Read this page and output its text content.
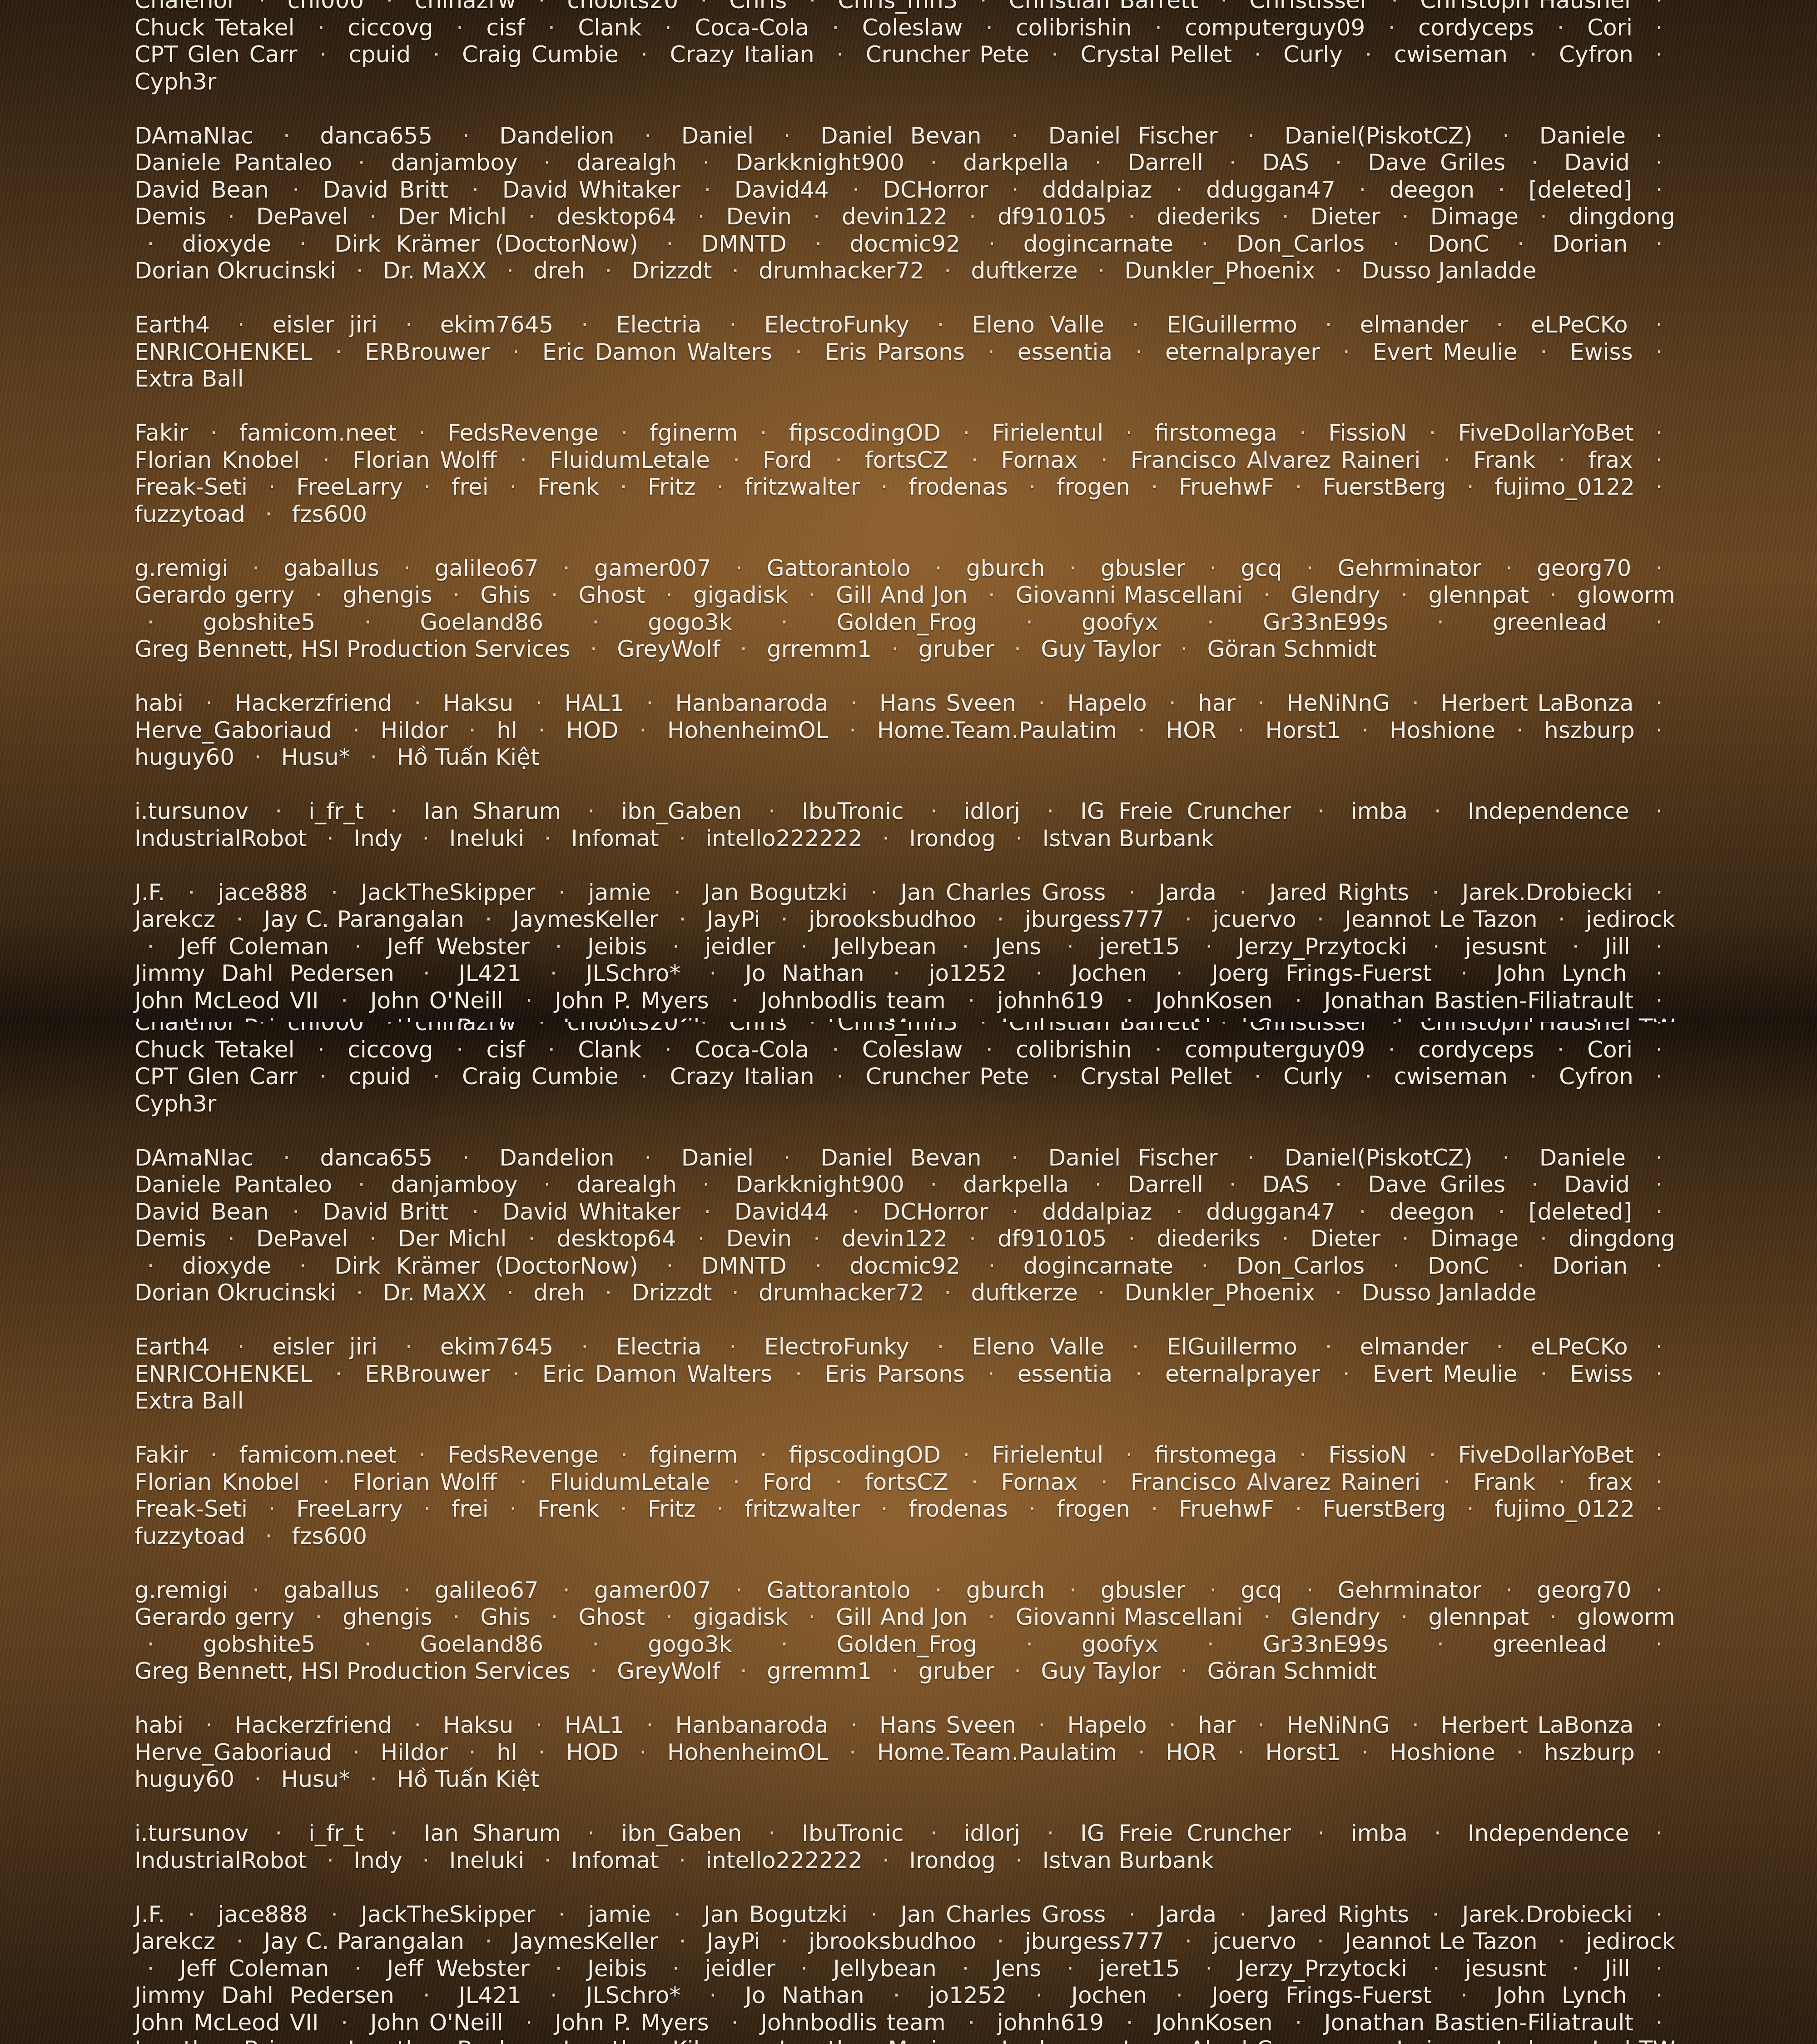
Chalenor · chi000 · chinazrw · chobits20 · Chris · Chris_mn3 · Christian Barrett · Christisser · Christoph Hausner · Chuck Tetakel · ciccovg · cisf · Clank · Coca-Cola · Coleslaw · colibrishin · computerguy09 · cordyceps · Cori · CPT Glen Carr · cpuid · Craig Cumbie · Crazy Italian · Cruncher Pete · Crystal Pellet · Curly · cwiseman · Cyfron · Cyph3r

DAmaNIac · danca655 · Dandelion · Daniel · Daniel Bevan · Daniel Fischer · Daniel(PiskotCZ) · Daniele · Daniele Pantaleo · danjamboy · darealgh · Darkknight900 · darkpella · Darrell · DAS · Dave Griles · David · David Bean · David Britt · David Whitaker · David44 · DCHorror · dddalpiaz · dduggan47 · deegon · [deleted] · Demis · DePavel · Der Michl · desktop64 · Devin · devin122 · df910105 · diederiks · Dieter · Dimage · dingdong · dioxyde · Dirk Krämer (DoctorNow) · DMNTD · docmic92 · dogincarnate · Don_Carlos · DonC · Dorian · Dorian Okrucinski · Dr. MaXX · dreh · Drizzdt · drumhacker72 · duftkerze · Dunkler_Phoenix · Dusso Janladde

Earth4 · eisler jiri · ekim7645 · Electria · ElectroFunky · Eleno Valle · ElGuillermo · elmander · eLPeCKo · ENRICOHENKEL · ERBrouwer · Eric Damon Walters · Eris Parsons · essentia · eternalprayer · Evert Meulie · Ewiss · Extra Ball

Fakir · famicom.neet · FedsRevenge · fginerm · fipscodingOD · Firielentul · firstomega · FissioN · FiveDollarYoBet · Florian Knobel · Florian Wolff · FluidumLetale · Ford · fortsCZ · Fornax · Francisco Alvarez Raineri · Frank · frax · Freak-Seti · FreeLarry · frei · Frenk · Fritz · fritzwalter · frodenas · frogen · FruehwF · FuerstBerg · fujimo_0122 · fuzzytoad · fzs600

g.remigi · gaballus · galileo67 · gamer007 · Gattorantolo · gburch · gbusler · gcq · Gehrminator · georg70 · Gerardo gerry · ghengis · Ghis · Ghost · gigadisk · Gill And Jon · Giovanni Mascellani · Glendry · glennpat · gloworm · gobshite5 · Goeland86 · gogo3k · Golden_Frog · goofyx · Gr33nE99s · greenlead · Greg Bennett, HSI Production Services · GreyWolf · grremm1 · gruber · Guy Taylor · Göran Schmidt

habi · Hackerzfriend · Haksu · HAL1 · Hanbanaroda · Hans Sveen · Hapelo · har · HeNiNnG · Herbert LaBonza · Herve_Gaboriaud · Hildor · hl · HOD · HohenheimOL · Home.Team.Paulatim · HOR · Horst1 · Hoshione · hszburp · huguy60 · Husu* · Hồ Tuấn Kiệt

i.tursunov · i_fr_t · Ian Sharum · ibn_Gaben · IbuTronic · idlorj · IG Freie Cruncher · imba · Independence · IndustrialRobot · Indy · Ineluki · Infomat · intello222222 · Irondog · Istvan Burbank

J.F. · jace888 · JackTheSkipper · jamie · Jan Bogutzki · Jan Charles Gross · Jarda · Jared Rights · Jarek.Drobiecki · Jarekcz · Jay C. Parangalan · JaymesKeller · JayPi · jbrooksbudhoo · jburgess777 · jcuervo · Jeannot Le Tazon · jedirock · Jeff Coleman · Jeff Webster · Jeibis · jeidler · Jellybean · Jens · jeret15 · Jerzy_Przytocki · jesusnt · Jill · Jimmy Dahl Pedersen · JL421 · JLSchro* · Jo Nathan · jo1252 · Jochen · Joerg Frings-Fuerst · John Lynch · John McLeod VII · John O'Neill · John P. Myers · Johnbodlis team · johnh619 · JohnKosen · Jonathan Bastien-Filiatrault ·

Chalenor · chi000 · chinazrw · chobits20 · Chris · Chris_mn3 · Christian Barrett · Christisser · Christoph Hausner · Chuck Tetakel · ciccovg · cisf · Clank · Coca-Cola · Coleslaw · colibrishin · computerguy09 · cordyceps · Cori · CPT Glen Carr · cpuid · Craig Cumbie · Crazy Italian · Cruncher Pete · Crystal Pellet · Curly · cwiseman · Cyfron · Cyph3r

DAmaNIac · danca655 · Dandelion · Daniel · Daniel Bevan · Daniel Fischer · Daniel(PiskotCZ) · Daniele · Daniele Pantaleo · danjamboy · darealgh · Darkknight900 · darkpella · Darrell · DAS · Dave Griles · David · David Bean · David Britt · David Whitaker · David44 · DCHorror · dddalpiaz · dduggan47 · deegon · [deleted] · Demis · DePavel · Der Michl · desktop64 · Devin · devin122 · df910105 · diederiks · Dieter · Dimage · dingdong · dioxyde · Dirk Krämer (DoctorNow) · DMNTD · docmic92 · dogincarnate · Don_Carlos · DonC · Dorian · Dorian Okrucinski · Dr. MaXX · dreh · Drizzdt · drumhacker72 · duftkerze · Dunkler_Phoenix · Dusso Janladde

Earth4 · eisler jiri · ekim7645 · Electria · ElectroFunky · Eleno Valle · ElGuillermo · elmander · eLPeCKo · ENRICOHENKEL · ERBrouwer · Eric Damon Walters · Eris Parsons · essentia · eternalprayer · Evert Meulie · Ewiss · Extra Ball

Fakir · famicom.neet · FedsRevenge · fginerm · fipscodingOD · Firielentul · firstomega · FissioN · FiveDollarYoBet · Florian Knobel · Florian Wolff · FluidumLetale · Ford · fortsCZ · Fornax · Francisco Alvarez Raineri · Frank · frax · Freak-Seti · FreeLarry · frei · Frenk · Fritz · fritzwalter · frodenas · frogen · FruehwF · FuerstBerg · fujimo_0122 · fuzzytoad · fzs600

g.remigi · gaballus · galileo67 · gamer007 · Gattorantolo · gburch · gbusler · gcq · Gehrminator · georg70 · Gerardo gerry · ghengis · Ghis · Ghost · gigadisk · Gill And Jon · Giovanni Mascellani · Glendry · glennpat · gloworm · gobshite5 · Goeland86 · gogo3k · Golden_Frog · goofyx · Gr33nE99s · greenlead · Greg Bennett, HSI Production Services · GreyWolf · grremm1 · gruber · Guy Taylor · Göran Schmidt

habi · Hackerzfriend · Haksu · HAL1 · Hanbanaroda · Hans Sveen · Hapelo · har · HeNiNnG · Herbert LaBonza · Herve_Gaboriaud · Hildor · hl · HOD · HohenheimOL · Home.Team.Paulatim · HOR · Horst1 · Hoshione · hszburp · huguy60 · Husu* · Hồ Tuấn Kiệt

i.tursunov · i_fr_t · Ian Sharum · ibn_Gaben · IbuTronic · idlorj · IG Freie Cruncher · imba · Independence · IndustrialRobot · Indy · Ineluki · Infomat · intello222222 · Irondog · Istvan Burbank

J.F. · jace888 · JackTheSkipper · jamie · Jan Bogutzki · Jan Charles Gross · Jarda · Jared Rights · Jarek.Drobiecki · Jarekcz · Jay C. Parangalan · JaymesKeller · JayPi · jbrooksbudhoo · jburgess777 · jcuervo · Jeannot Le Tazon · jedirock · Jeff Coleman · Jeff Webster · Jeibis · jeidler · Jellybean · Jens · jeret15 · Jerzy_Przytocki · jesusnt · Jill · Jimmy Dahl Pedersen · JL421 · JLSchro* · Jo Nathan · jo1252 · Jochen · Joerg Frings-Fuerst · John Lynch · John McLeod VII · John O'Neill · John P. Myers · Johnbodlis team · johnh619 · JohnKosen · Jonathan Bastien-Filiatrault ·
